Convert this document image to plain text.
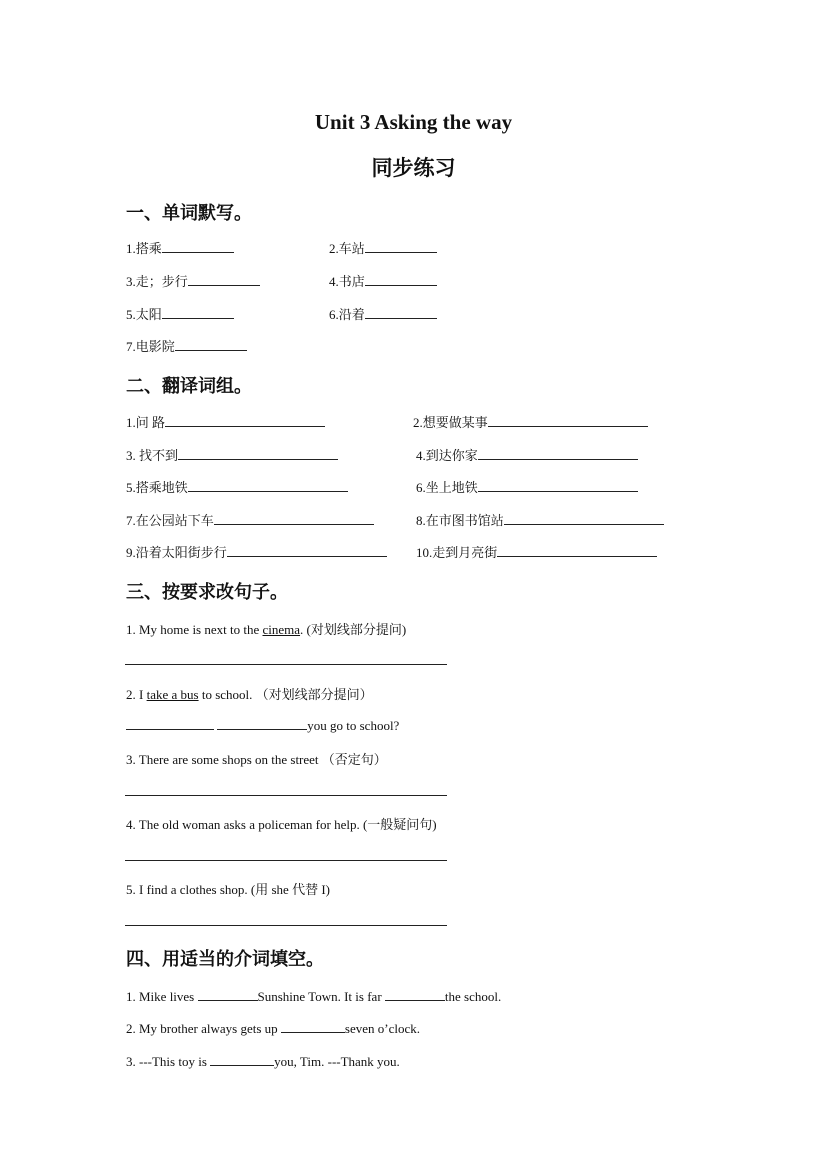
Unit 3 Asking the way
同步练习
一、单词默写。
1.搭乘	2.车站
3.走；步行	4.书店
5.太阳	6.沿着
7.电影院
二、翻译词组。
1.问 路	2.想要做某事
3. 找不到	4.到达你家
5.搭乘地铁	6.坐上地铁
7.在公园站下车	8.在市图书馆站
9.沿着太阳街步行	10.走到月亮街
三、按要求改句子。
1. My home is next to the cinema. (对划线部分提问)
2. I take a bus to school. （对划线部分提问）
you go to school?
3. There are some shops on the street （否定句）
4. The old woman asks a policeman for help. (一般疑问句)
5. I find a clothes shop. (用 she 代替 I)
四、用适当的介词填空。
1. Mike lives	Sunshine Town. It is far	the school.
2. My brother always gets up	seven o’clock.
3. ---This toy is	you, Tim. ---Thank you.
